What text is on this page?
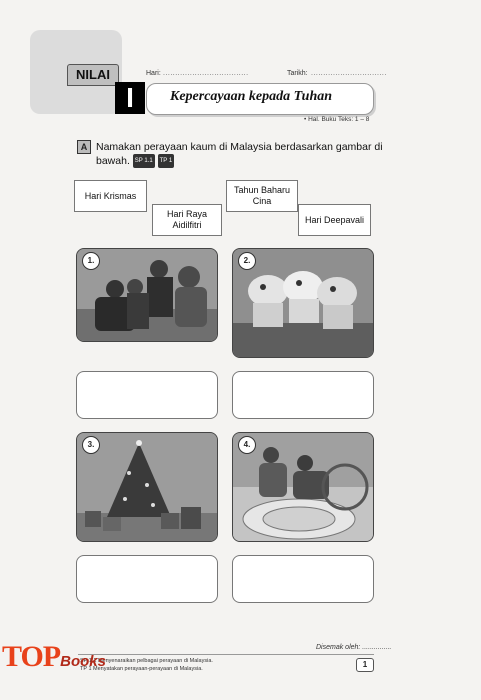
NILAI
I
Hari: ...................................	Tarikh: ...............................
Kepercayaan kepada Tuhan
• Hal. Buku Teks: 1 – 8
A Namakan perayaan kaum di Malaysia berdasarkan gambar di bawah. SP 1.1 TP 1
Hari Krismas
Hari Raya Aidilfitri
Tahun Baharu Cina
Hari Deepavali
1.	2.
3.	4.
Disemak oleh: ...............
SP 1.1 Menyenaraikan pelbagai perayaan di Malaysia.
TP 1 Menyatakan perayaan-perayaan di Malaysia.	1
TOP Books
